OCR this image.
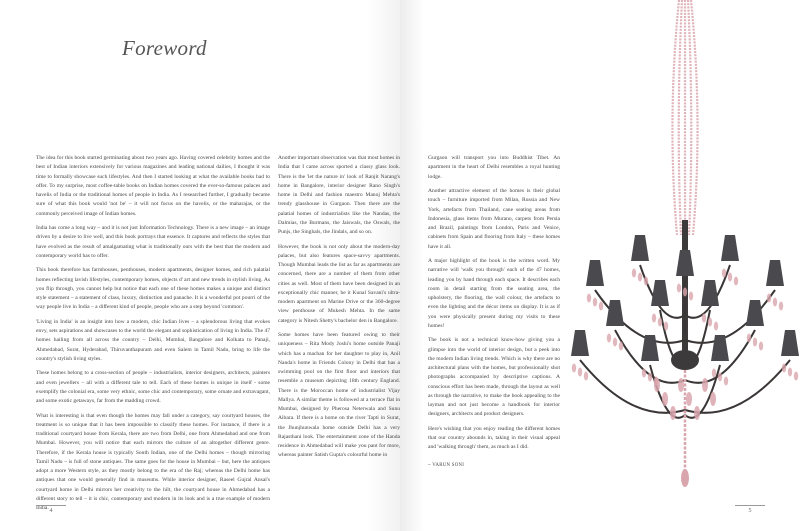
Foreword

The idea for this book started germinating about two years ago. Having covered celebrity homes and the best of Indian interiors extensively for various magazines and leading national dailies, I thought it was time to formally showcase such lifestyles. And then I started looking at what the available books had to offer. To my surprise, most coffee-table books on Indian homes covered the ever-so-famous palaces and havelis of India or the traditional homes of people in India. As I researched further, I gradually became sure of what this book would 'not be' – it will not focus on the havelis, or the maharajas, or the commonly perceived image of Indian homes.

India has come a long way – and it is not just Information Technology. There is a new image – an image driven by a desire to live well, and this book portrays that essence. It captures and reflects the styles that have evolved as the result of amalgamating what is traditionally ours with the best that the modern and contemporary world has to offer.

This book therefore has farmhouses, penthouses, modern apartments, designer homes, and rich palatial homes reflecting lavish lifestyles, contemporary homes, objects d' art and new trends in stylish living. As you flip through, you cannot help but notice that each one of these homes makes a unique and distinct style statement – a statement of class, luxury, distinction and panache. It is a wonderful pot pourri of the way people live in India – a different kind of people, people who are a step beyond 'common'.

'Living in India' is an insight into how a modern, chic Indian lives – a splendorous living that evokes envy, sets aspirations and showcases to the world the elegant and sophistication of living in India. The 47 homes hailing from all across the country – Delhi, Mumbai, Bangalore and Kolkata to Panaji, Ahmedabad, Surat, Hyderabad, Thiruvanthapuram and even Salem in Tamil Nadu, bring to life the country's stylish living styles.

These homes belong to a cross-section of people – industrialists, interior designers, architects, painters and even jewellers – all with a different tale to tell. Each of these homes is unique in itself - some exemplify the colonial era, some very ethnic, some chic and contemporary, some ornate and extravagant, and some exotic getaways, far from the madding crowd.

What is interesting is that even though the homes may fall under a category, say courtyard houses, the treatment is so unique that it has been impossible to classify these homes. For instance, if there is a traditional courtyard house from Kerala, there are two from Delhi, one from Ahmedabad and one from Mumbai. However, you will notice that each mirrors the culture of an altogether different genre. Therefore, if the Kerala house is typically South Indian, one of the Delhi homes – though mirroring Tamil Nadu – is full of stone antiques. The same goes for the house in Mumbai – but, here the antiques adopt a more Western style, as they mostly belong to the era of the Raj; whereas the Delhi home has antiques that one would generally find in museums. While interior designer, Raseel Gujral Ansal's courtyard home in Delhi mirrors her creativity to the hilt, the courtyard house in Ahmedabad has a different story to tell – it is chic, contemporary and modern in its look and is a true example of modern India.

Another important observation was that most homes in India that I came across sported a classy glass look. There is the 'let the nature in' look of Ranjit Narang's home in Bangalore, interior designer Rano Singh's home in Delhi and fashion maestro Manoj Mehta's trendy glasshouse in Gurgaon. Then there are the palatial homes of industrialists like the Nandas, the Dalmias, the Burmans, the Jaiswals, the Oswals, the Punjs, the Singhals, the Jindals, and so on.

However, the book is not only about the modern-day palaces, but also features space-savvy apartments. Though Mumbai leads the list as far as apartments are concerned, there are a number of them from other cities as well. Most of them have been designed in an exceptionally chic manner, be it Kunal Savani's ultra-modern apartment on Marine Drive or the 360-degree view penthouse of Mukesh Mehta. In the same category is Nitesh Shetty's bachelor den in Bangalore.

Some homes have been featured owing to their uniqueness – Rita Mody Joshi's home outside Panaji which has a machan for her daughter to play in, Anil Nanda's home in Friends Colony in Delhi that has a swimming pool on the first floor and interiors that resemble a museum depicting 18th century England. There is the Moroccan home of industrialist Vijay Mallya. A similar theme is followed at a terrace flat in Mumbai, designed by Pherosa Neterwala and Sunu Aibara. If there is a home on the river Tapti in Surat, the Jhunjhunwala home outside Delhi has a very Rajasthani look. The entertainment zone of the Handa residence in Ahmedabad will make you pant for more, whereas painter Satish Gupta's colourful home in

4

Gurgaon will transport you into Buddhist Tibet. An apartment in the heart of Delhi resembles a royal hunting lodge.

Another attractive element of the homes is their global touch – furniture imported from Milan, Russia and New York, artefacts from Thailand, cane seating areas from Indonesia, glass items from Murano, carpets from Persia and Brazil, paintings from London, Paris and Venice, cabinets from Spain and flooring from Italy – these homes have it all.

A major highlight of the book is the written word. My narrative will 'walk you through' each of the 47 homes, leading you by hand through each space. It describes each room in detail starting from the seating area, the upholstery, the flooring, the wall colour, the artefacts to even the lighting and the décor items on display. It is as if you were physically present during my visits to these homes!

The book is not a technical know-how giving you a glimpse into the world of interior design, but a peek into the modern Indian living trends. Which is why there are no architectural plans with the homes, but professionally shot photographs accompanied by descriptive captions. A conscious effort has been made, through the layout as well as through the narrative, to make the book appealing to the layman and not just become a handbook for interior designers, architects and product designers.

Here's wishing that you enjoy reading the different homes that our country abounds in, taking in their visual appeal and 'walking through' them, as much as I did.

~ VARUN SONI

5
